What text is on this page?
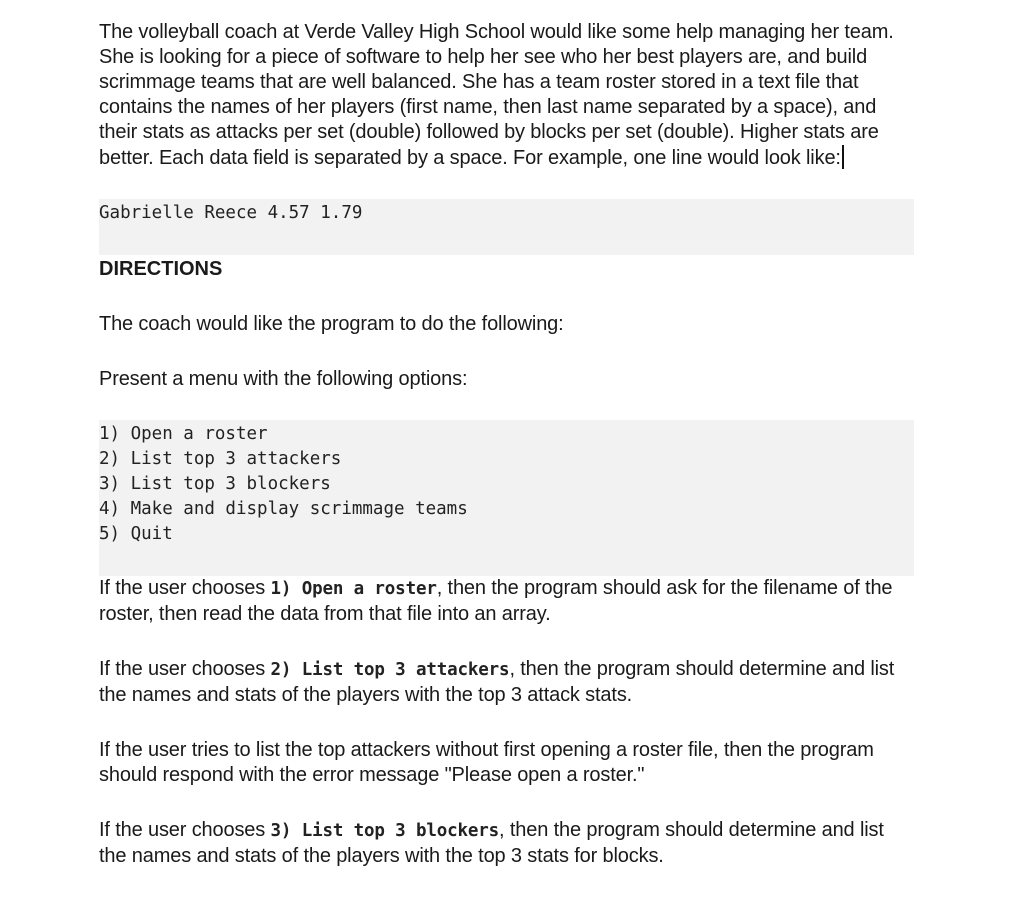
The volleyball coach at Verde Valley High School would like some help managing her team. She is looking for a piece of software to help her see who her best players are, and build scrimmage teams that are well balanced. She has a team roster stored in a text file that contains the names of her players (first name, then last name separated by a space), and their stats as attacks per set (double) followed by blocks per set (double). Higher stats are better. Each data field is separated by a space. For example, one line would look like:

Gabrielle Reece 4.57 1.79
DIRECTIONS

The coach would like the program to do the following:

Present a menu with the following options:

1) Open a roster
2) List top 3 attackers
3) List top 3 blockers
4) Make and display scrimmage teams
5) Quit

If the user chooses 1) Open a roster, then the program should ask for the filename of the roster, then read the data from that file into an array.

If the user chooses 2) List top 3 attackers, then the program should determine and list the names and stats of the players with the top 3 attack stats.

If the user tries to list the top attackers without first opening a roster file, then the program should respond with the error message "Please open a roster."

If the user chooses 3) List top 3 blockers, then the program should determine and list the names and stats of the players with the top 3 stats for blocks.
